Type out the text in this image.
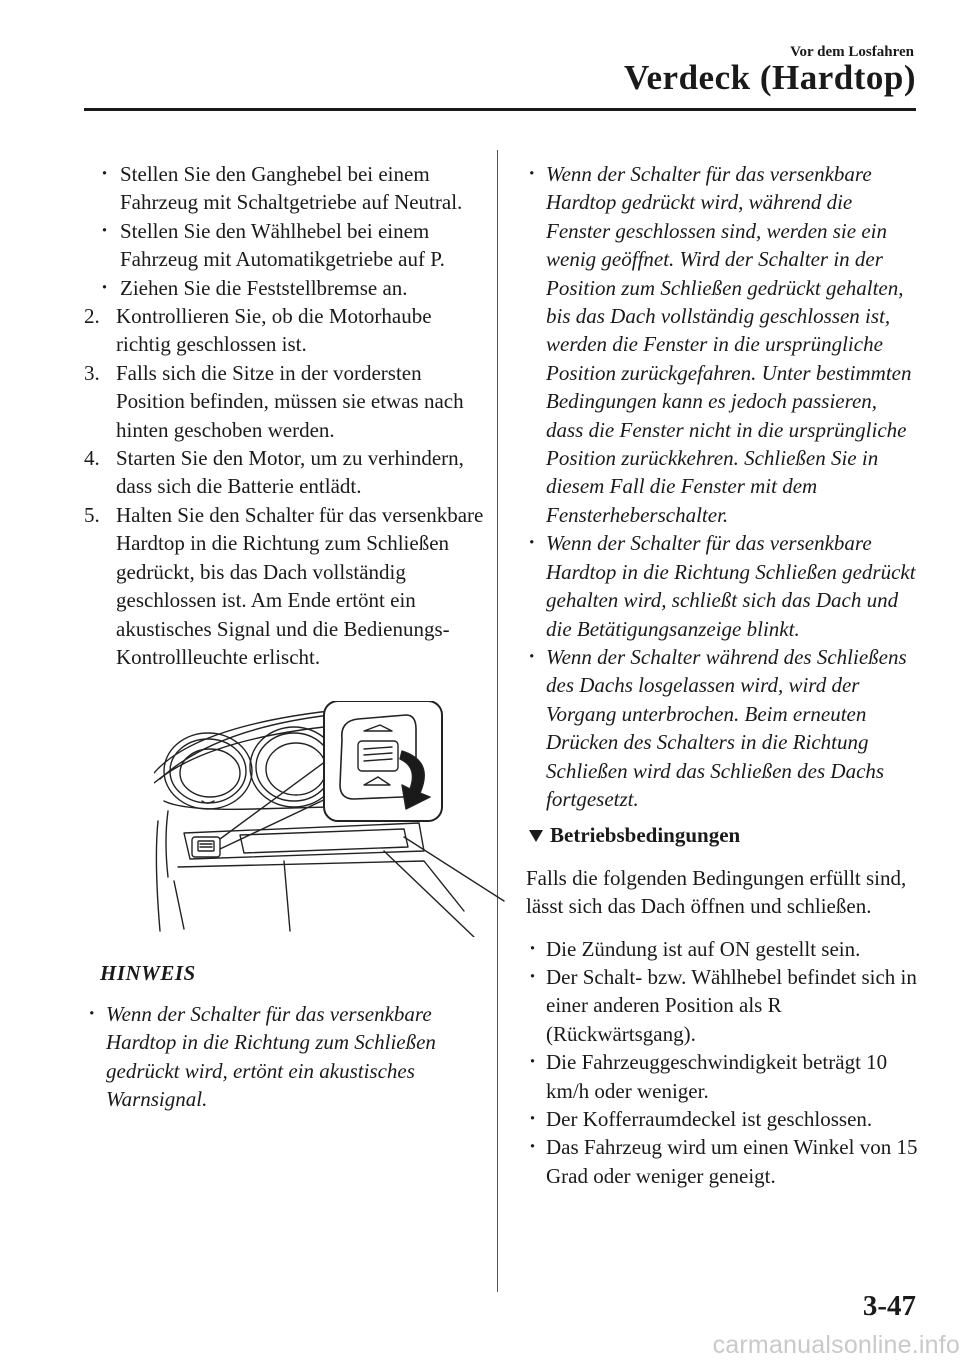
Vor dem Losfahren
Verdeck (Hardtop)
· Stellen Sie den Ganghebel bei einem Fahrzeug mit Schaltgetriebe auf Neutral.
· Stellen Sie den Wählhebel bei einem Fahrzeug mit Automatikgetriebe auf P.
· Ziehen Sie die Feststellbremse an.
2. Kontrollieren Sie, ob die Motorhaube richtig geschlossen ist.
3. Falls sich die Sitze in der vordersten Position befinden, müssen sie etwas nach hinten geschoben werden.
4. Starten Sie den Motor, um zu verhindern, dass sich die Batterie entlädt.
5. Halten Sie den Schalter für das versenkbare Hardtop in die Richtung zum Schließen gedrückt, bis das Dach vollständig geschlossen ist. Am Ende ertönt ein akustisches Signal und die Bedienungs-Kontrollleuchte erlischt.
HINWEIS
· Wenn der Schalter für das versenkbare Hardtop in die Richtung zum Schließen gedrückt wird, ertönt ein akustisches Warnsignal.
· Wenn der Schalter für das versenkbare Hardtop gedrückt wird, während die Fenster geschlossen sind, werden sie ein wenig geöffnet. Wird der Schalter in der Position zum Schließen gedrückt gehalten, bis das Dach vollständig geschlossen ist, werden die Fenster in die ursprüngliche Position zurückgefahren. Unter bestimmten Bedingungen kann es jedoch passieren, dass die Fenster nicht in die ursprüngliche Position zurückkehren. Schließen Sie in diesem Fall die Fenster mit dem Fensterheberschalter.
· Wenn der Schalter für das versenkbare Hardtop in die Richtung Schließen gedrückt gehalten wird, schließt sich das Dach und die Betätigungsanzeige blinkt.
· Wenn der Schalter während des Schließens des Dachs losgelassen wird, wird der Vorgang unterbrochen. Beim erneuten Drücken des Schalters in die Richtung Schließen wird das Schließen des Dachs fortgesetzt.
Betriebsbedingungen
Falls die folgenden Bedingungen erfüllt sind, lässt sich das Dach öffnen und schließen.
· Die Zündung ist auf ON gestellt sein.
· Der Schalt- bzw. Wählhebel befindet sich in einer anderen Position als R (Rückwärtsgang).
· Die Fahrzeuggeschwindigkeit beträgt 10 km/h oder weniger.
· Der Kofferraumdeckel ist geschlossen.
· Das Fahrzeug wird um einen Winkel von 15 Grad oder weniger geneigt.
3-47
carmanualsonline.info
